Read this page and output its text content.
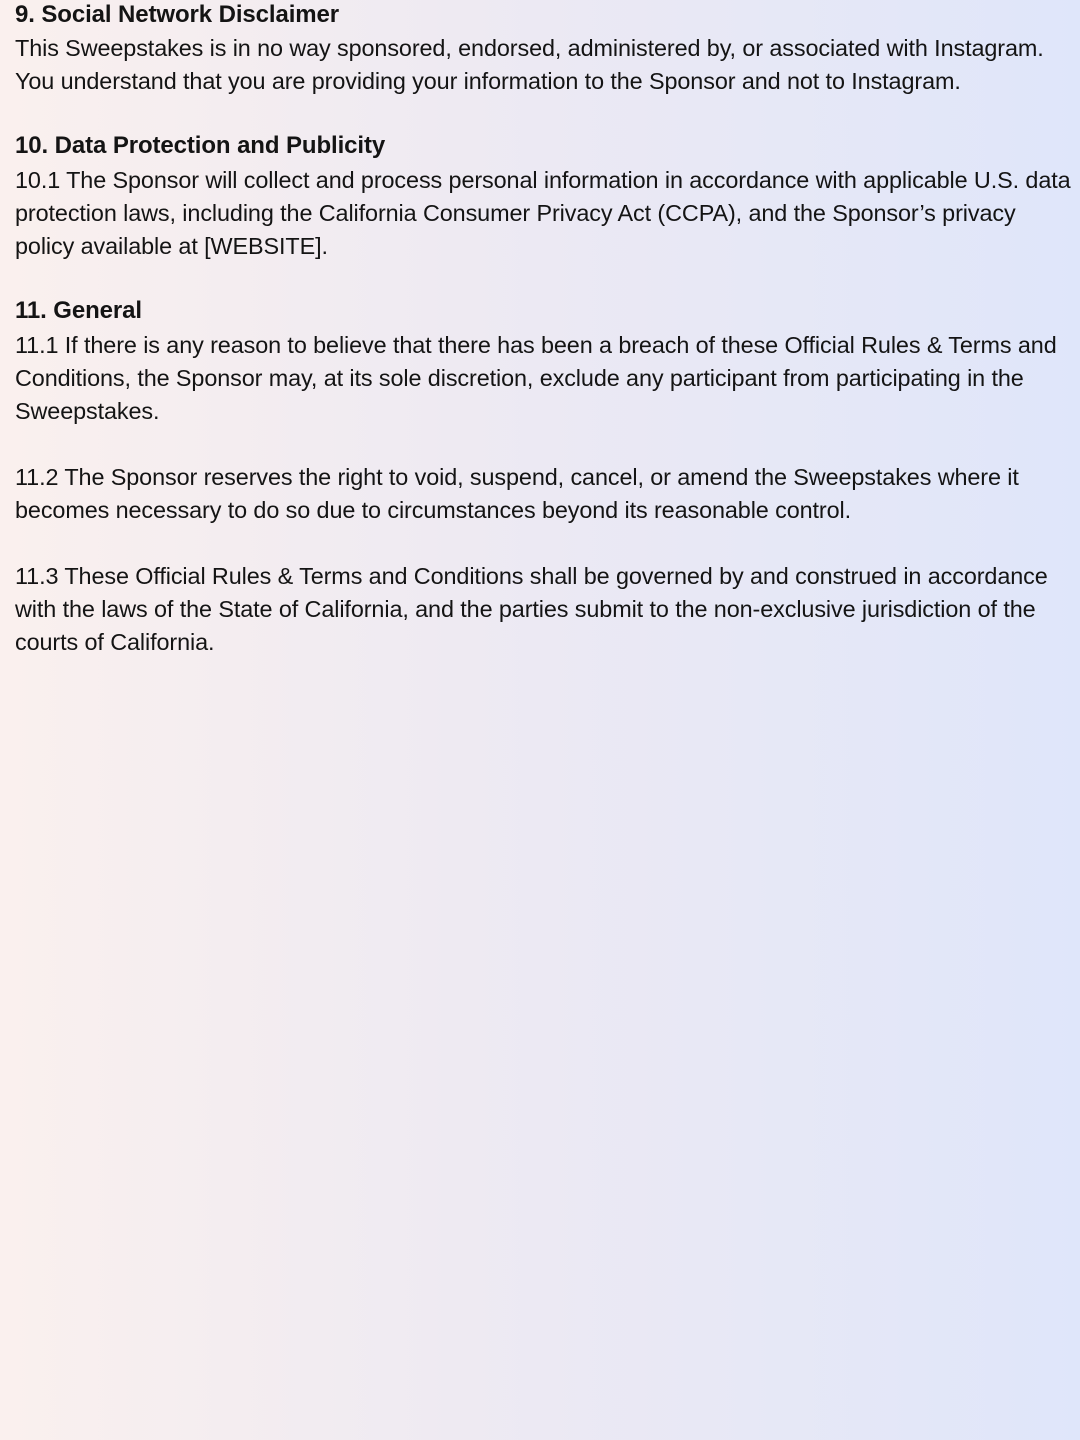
9. Social Network Disclaimer

This Sweepstakes is in no way sponsored, endorsed, administered by, or associated with Instagram. You understand that you are providing your information to the Sponsor and not to Instagram.

10. Data Protection and Publicity

10.1 The Sponsor will collect and process personal information in accordance with applicable U.S. data protection laws, including the California Consumer Privacy Act (CCPA), and the Sponsor’s privacy policy available at [WEBSITE].

11. General

11.1 If there is any reason to believe that there has been a breach of these Official Rules & Terms and Conditions, the Sponsor may, at its sole discretion, exclude any participant from participating in the Sweepstakes.

11.2 The Sponsor reserves the right to void, suspend, cancel, or amend the Sweepstakes where it becomes necessary to do so due to circumstances beyond its reasonable control.

11.3 These Official Rules & Terms and Conditions shall be governed by and construed in accordance with the laws of the State of California, and the parties submit to the non-exclusive jurisdiction of the courts of California.
